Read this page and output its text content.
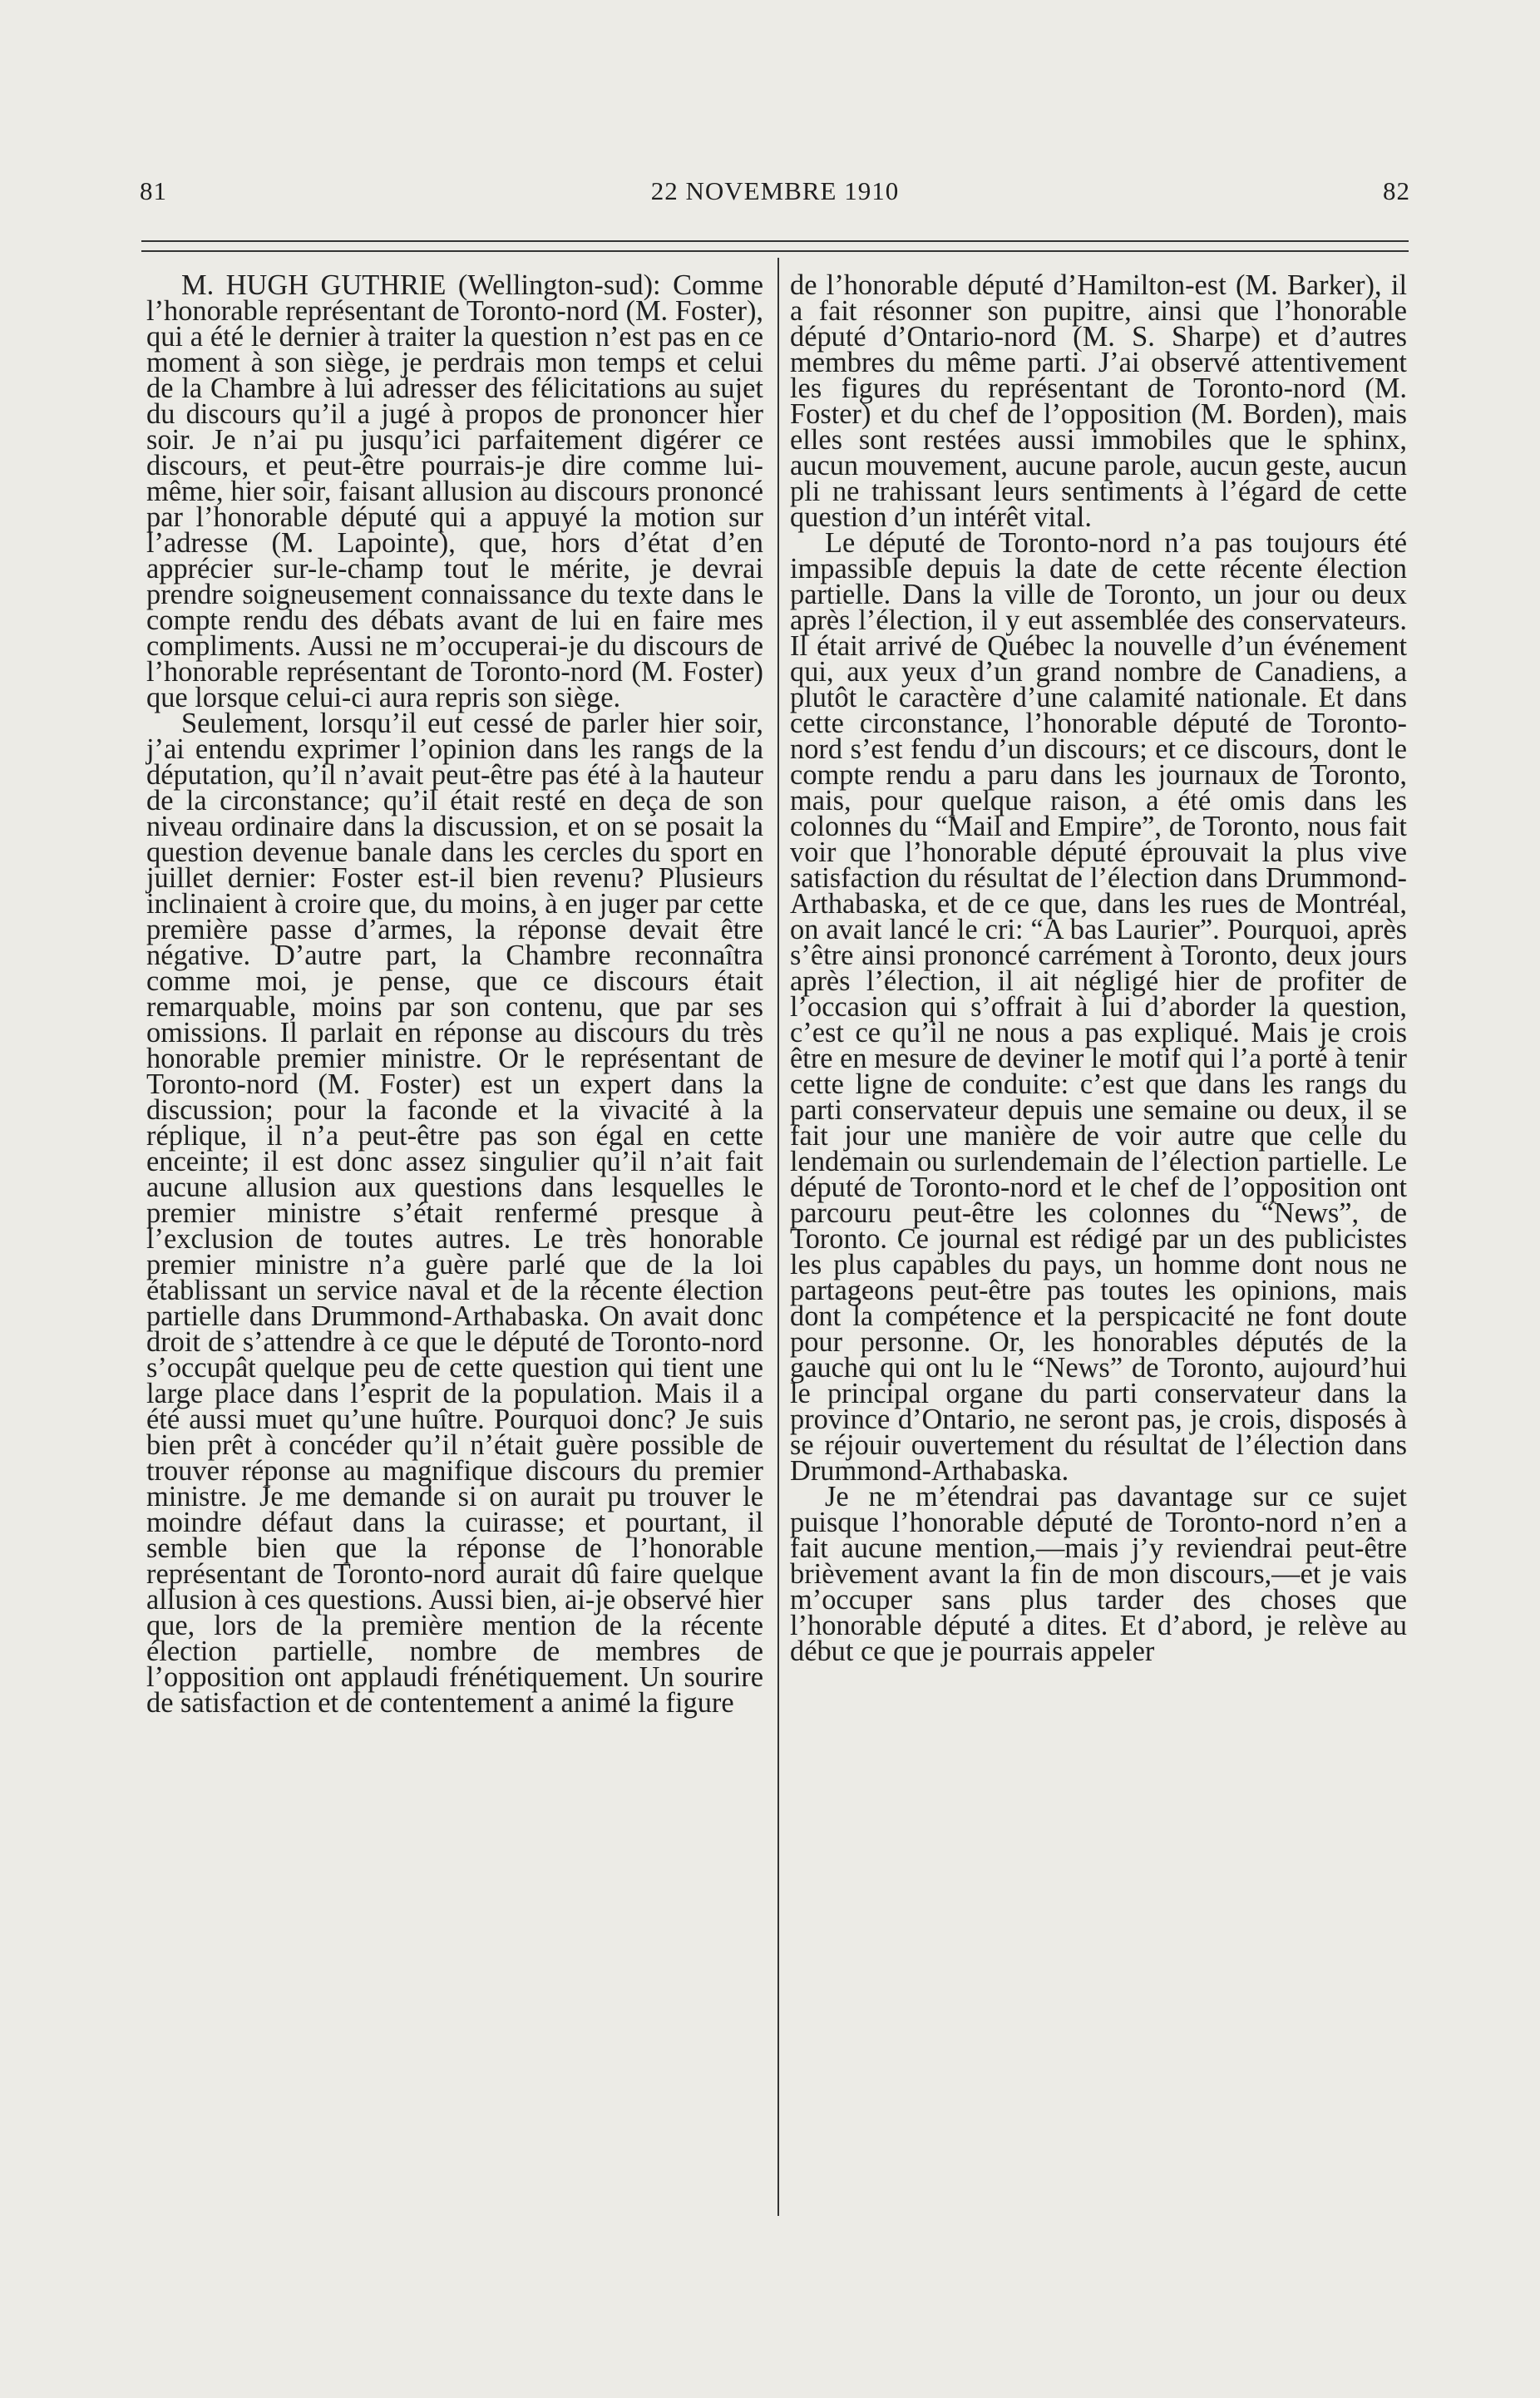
81	22 NOVEMBRE 1910	82

M. HUGH GUTHRIE (Wellington-sud): Comme l’honorable représentant de Toronto-nord (M. Foster), qui a été le dernier à traiter la question n’est pas en ce moment à son siège, je perdrais mon temps et celui de la Chambre à lui adresser des félicitations au sujet du discours qu’il a jugé à propos de prononcer hier soir. Je n’ai pu jusqu’ici parfaitement digérer ce discours, et peut-être pourrais-je dire comme lui-même, hier soir, faisant allusion au discours prononcé par l’honorable député qui a appuyé la motion sur l’adresse (M. Lapointe), que, hors d’état d’en apprécier sur-le-champ tout le mérite, je devrai prendre soigneusement connaissance du texte dans le compte rendu des débats avant de lui en faire mes compliments. Aussi ne m’occuperai-je du discours de l’honorable représentant de Toronto-nord (M. Foster) que lorsque celui-ci aura repris son siège.

Seulement, lorsqu’il eut cessé de parler hier soir, j’ai entendu exprimer l’opinion dans les rangs de la députation, qu’il n’avait peut-être pas été à la hauteur de la circonstance; qu’il était resté en deça de son niveau ordinaire dans la discussion, et on se posait la question devenue banale dans les cercles du sport en juillet dernier: Foster est-il bien revenu? Plusieurs inclinaient à croire que, du moins, à en juger par cette première passe d’armes, la réponse devait être négative. D’autre part, la Chambre reconnaîtra comme moi, je pense, que ce discours était remarquable, moins par son contenu, que par ses omissions. Il parlait en réponse au discours du très honorable premier ministre. Or le représentant de Toronto-nord (M. Foster) est un expert dans la discussion; pour la faconde et la vivacité à la réplique, il n’a peut-être pas son égal en cette enceinte; il est donc assez singulier qu’il n’ait fait aucune allusion aux questions dans lesquelles le premier ministre s’était renfermé presque à l’exclusion de toutes autres. Le très honorable premier ministre n’a guère parlé que de la loi établissant un service naval et de la récente élection partielle dans Drummond-Arthabaska. On avait donc droit de s’attendre à ce que le député de Toronto-nord s’occupât quelque peu de cette question qui tient une large place dans l’esprit de la population. Mais il a été aussi muet qu’une huître. Pourquoi donc? Je suis bien prêt à concéder qu’il n’était guère possible de trouver réponse au magnifique discours du premier ministre. Je me demande si on aurait pu trouver le moindre défaut dans la cuirasse; et pourtant, il semble bien que la réponse de l’honorable représentant de Toronto-nord aurait dû faire quelque allusion à ces questions. Aussi bien, ai-je observé hier que, lors de la première mention de la récente élection partielle, nombre de membres de l’opposition ont applaudi frénétiquement. Un sourire de satisfaction et de contentement a animé la figure

de l’honorable député d’Hamilton-est (M. Barker), il a fait résonner son pupitre, ainsi que l’honorable député d’Ontario-nord (M. S. Sharpe) et d’autres membres du même parti. J’ai observé attentivement les figures du représentant de Toronto-nord (M. Foster) et du chef de l’opposition (M. Borden), mais elles sont restées aussi immobiles que le sphinx, aucun mouvement, aucune parole, aucun geste, aucun pli ne trahissant leurs sentiments à l’égard de cette question d’un intérêt vital.

Le député de Toronto-nord n’a pas toujours été impassible depuis la date de cette récente élection partielle. Dans la ville de Toronto, un jour ou deux après l’élection, il y eut assemblée des conservateurs. Il était arrivé de Québec la nouvelle d’un événement qui, aux yeux d’un grand nombre de Canadiens, a plutôt le caractère d’une calamité nationale. Et dans cette circonstance, l’honorable député de Toronto-nord s’est fendu d’un discours; et ce discours, dont le compte rendu a paru dans les journaux de Toronto, mais, pour quelque raison, a été omis dans les colonnes du “Mail and Empire”, de Toronto, nous fait voir que l’honorable député éprouvait la plus vive satisfaction du résultat de l’élection dans Drummond-Arthabaska, et de ce que, dans les rues de Montréal, on avait lancé le cri: “A bas Laurier”. Pourquoi, après s’être ainsi prononcé carrément à Toronto, deux jours après l’élection, il ait négligé hier de profiter de l’occasion qui s’offrait à lui d’aborder la question, c’est ce qu’il ne nous a pas expliqué. Mais je crois être en mesure de deviner le motif qui l’a porté à tenir cette ligne de conduite: c’est que dans les rangs du parti conservateur depuis une semaine ou deux, il se fait jour une manière de voir autre que celle du lendemain ou surlendemain de l’élection partielle. Le député de Toronto-nord et le chef de l’opposition ont parcouru peut-être les colonnes du “News”, de Toronto. Ce journal est rédigé par un des publicistes les plus capables du pays, un homme dont nous ne partageons peut-être pas toutes les opinions, mais dont la compétence et la perspicacité ne font doute pour personne. Or, les honorables députés de la gauche qui ont lu le “News” de Toronto, aujourd’hui le principal organe du parti conservateur dans la province d’Ontario, ne seront pas, je crois, disposés à se réjouir ouvertement du résultat de l’élection dans Drummond-Arthabaska.

Je ne m’étendrai pas davantage sur ce sujet puisque l’honorable député de Toronto-nord n’en a fait aucune mention,—mais j’y reviendrai peut-être brièvement avant la fin de mon discours,—et je vais m’occuper sans plus tarder des choses que l’honorable député a dites. Et d’abord, je relève au début ce que je pourrais appeler
